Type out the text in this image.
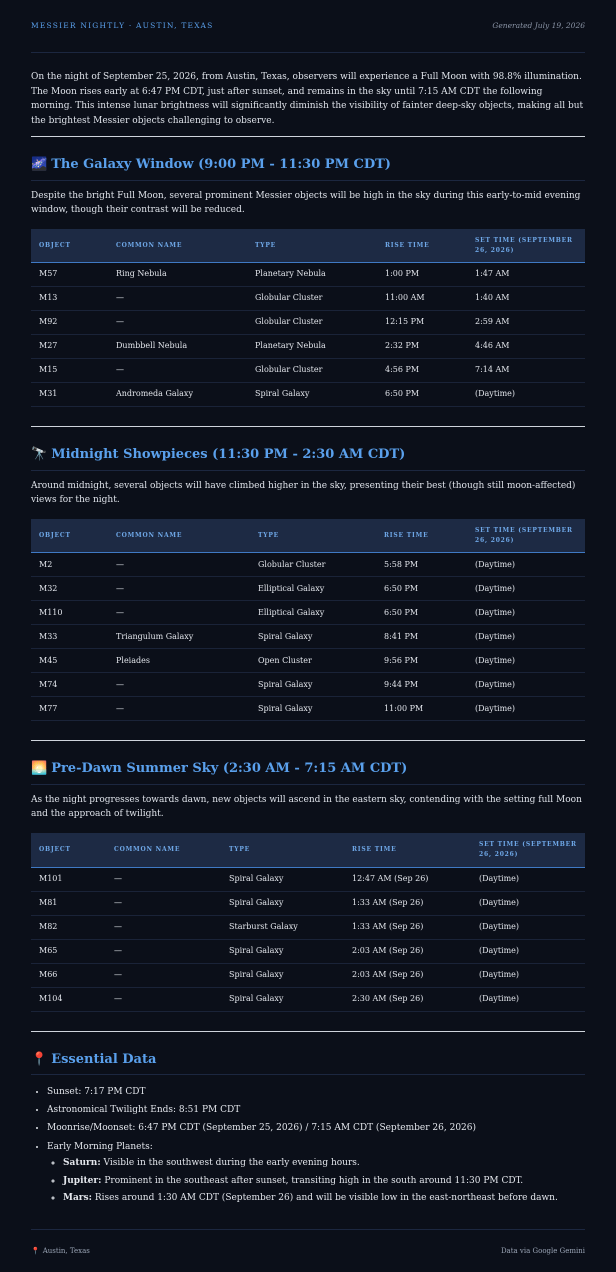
MESSIER NIGHTLY · AUSTIN, TEXAS	Generated July 19, 2026

On the night of September 25, 2026, from Austin, Texas, observers will experience a Full Moon with 98.8% illumination. The Moon rises early at 6:47 PM CDT, just after sunset, and remains in the sky until 7:15 AM CDT the following morning. This intense lunar brightness will significantly diminish the visibility of fainter deep-sky objects, making all but the brightest Messier objects challenging to observe.

🌌 The Galaxy Window (9:00 PM - 11:30 PM CDT)

Despite the bright Full Moon, several prominent Messier objects will be high in the sky during this early-to-mid evening window, though their contrast will be reduced.

OBJECT	COMMON NAME	TYPE	RISE TIME	SET TIME (SEPTEMBER 26, 2026)
M57	Ring Nebula	Planetary Nebula	1:00 PM	1:47 AM
M13	—	Globular Cluster	11:00 AM	1:40 AM
M92	—	Globular Cluster	12:15 PM	2:59 AM
M27	Dumbbell Nebula	Planetary Nebula	2:32 PM	4:46 AM
M15	—	Globular Cluster	4:56 PM	7:14 AM
M31	Andromeda Galaxy	Spiral Galaxy	6:50 PM	(Daytime)
🔭 Midnight Showpieces (11:30 PM - 2:30 AM CDT)

Around midnight, several objects will have climbed higher in the sky, presenting their best (though still moon-affected) views for the night.

OBJECT	COMMON NAME	TYPE	RISE TIME	SET TIME (SEPTEMBER 26, 2026)
M2	—	Globular Cluster	5:58 PM	(Daytime)
M32	—	Elliptical Galaxy	6:50 PM	(Daytime)
M110	—	Elliptical Galaxy	6:50 PM	(Daytime)
M33	Triangulum Galaxy	Spiral Galaxy	8:41 PM	(Daytime)
M45	Pleiades	Open Cluster	9:56 PM	(Daytime)
M74	—	Spiral Galaxy	9:44 PM	(Daytime)
M77	—	Spiral Galaxy	11:00 PM	(Daytime)
🌅 Pre-Dawn Summer Sky (2:30 AM - 7:15 AM CDT)

As the night progresses towards dawn, new objects will ascend in the eastern sky, contending with the setting full Moon and the approach of twilight.

OBJECT	COMMON NAME	TYPE	RISE TIME	SET TIME (SEPTEMBER 26, 2026)
M101	—	Spiral Galaxy	12:47 AM (Sep 26)	(Daytime)
M81	—	Spiral Galaxy	1:33 AM (Sep 26)	(Daytime)
M82	—	Starburst Galaxy	1:33 AM (Sep 26)	(Daytime)
M65	—	Spiral Galaxy	2:03 AM (Sep 26)	(Daytime)
M66	—	Spiral Galaxy	2:03 AM (Sep 26)	(Daytime)
M104	—	Spiral Galaxy	2:30 AM (Sep 26)	(Daytime)
📍 Essential Data
• Sunset: 7:17 PM CDT
• Astronomical Twilight Ends: 8:51 PM CDT
• Moonrise/Moonset: 6:47 PM CDT (September 25, 2026) / 7:15 AM CDT (September 26, 2026)
• Early Morning Planets:
◦ Saturn: Visible in the southwest during the early evening hours.
◦ Jupiter: Prominent in the southeast after sunset, transiting high in the south around 11:30 PM CDT.
◦ Mars: Rises around 1:30 AM CDT (September 26) and will be visible low in the east-northeast before dawn.
📍 Austin, Texas	Data via Google Gemini
